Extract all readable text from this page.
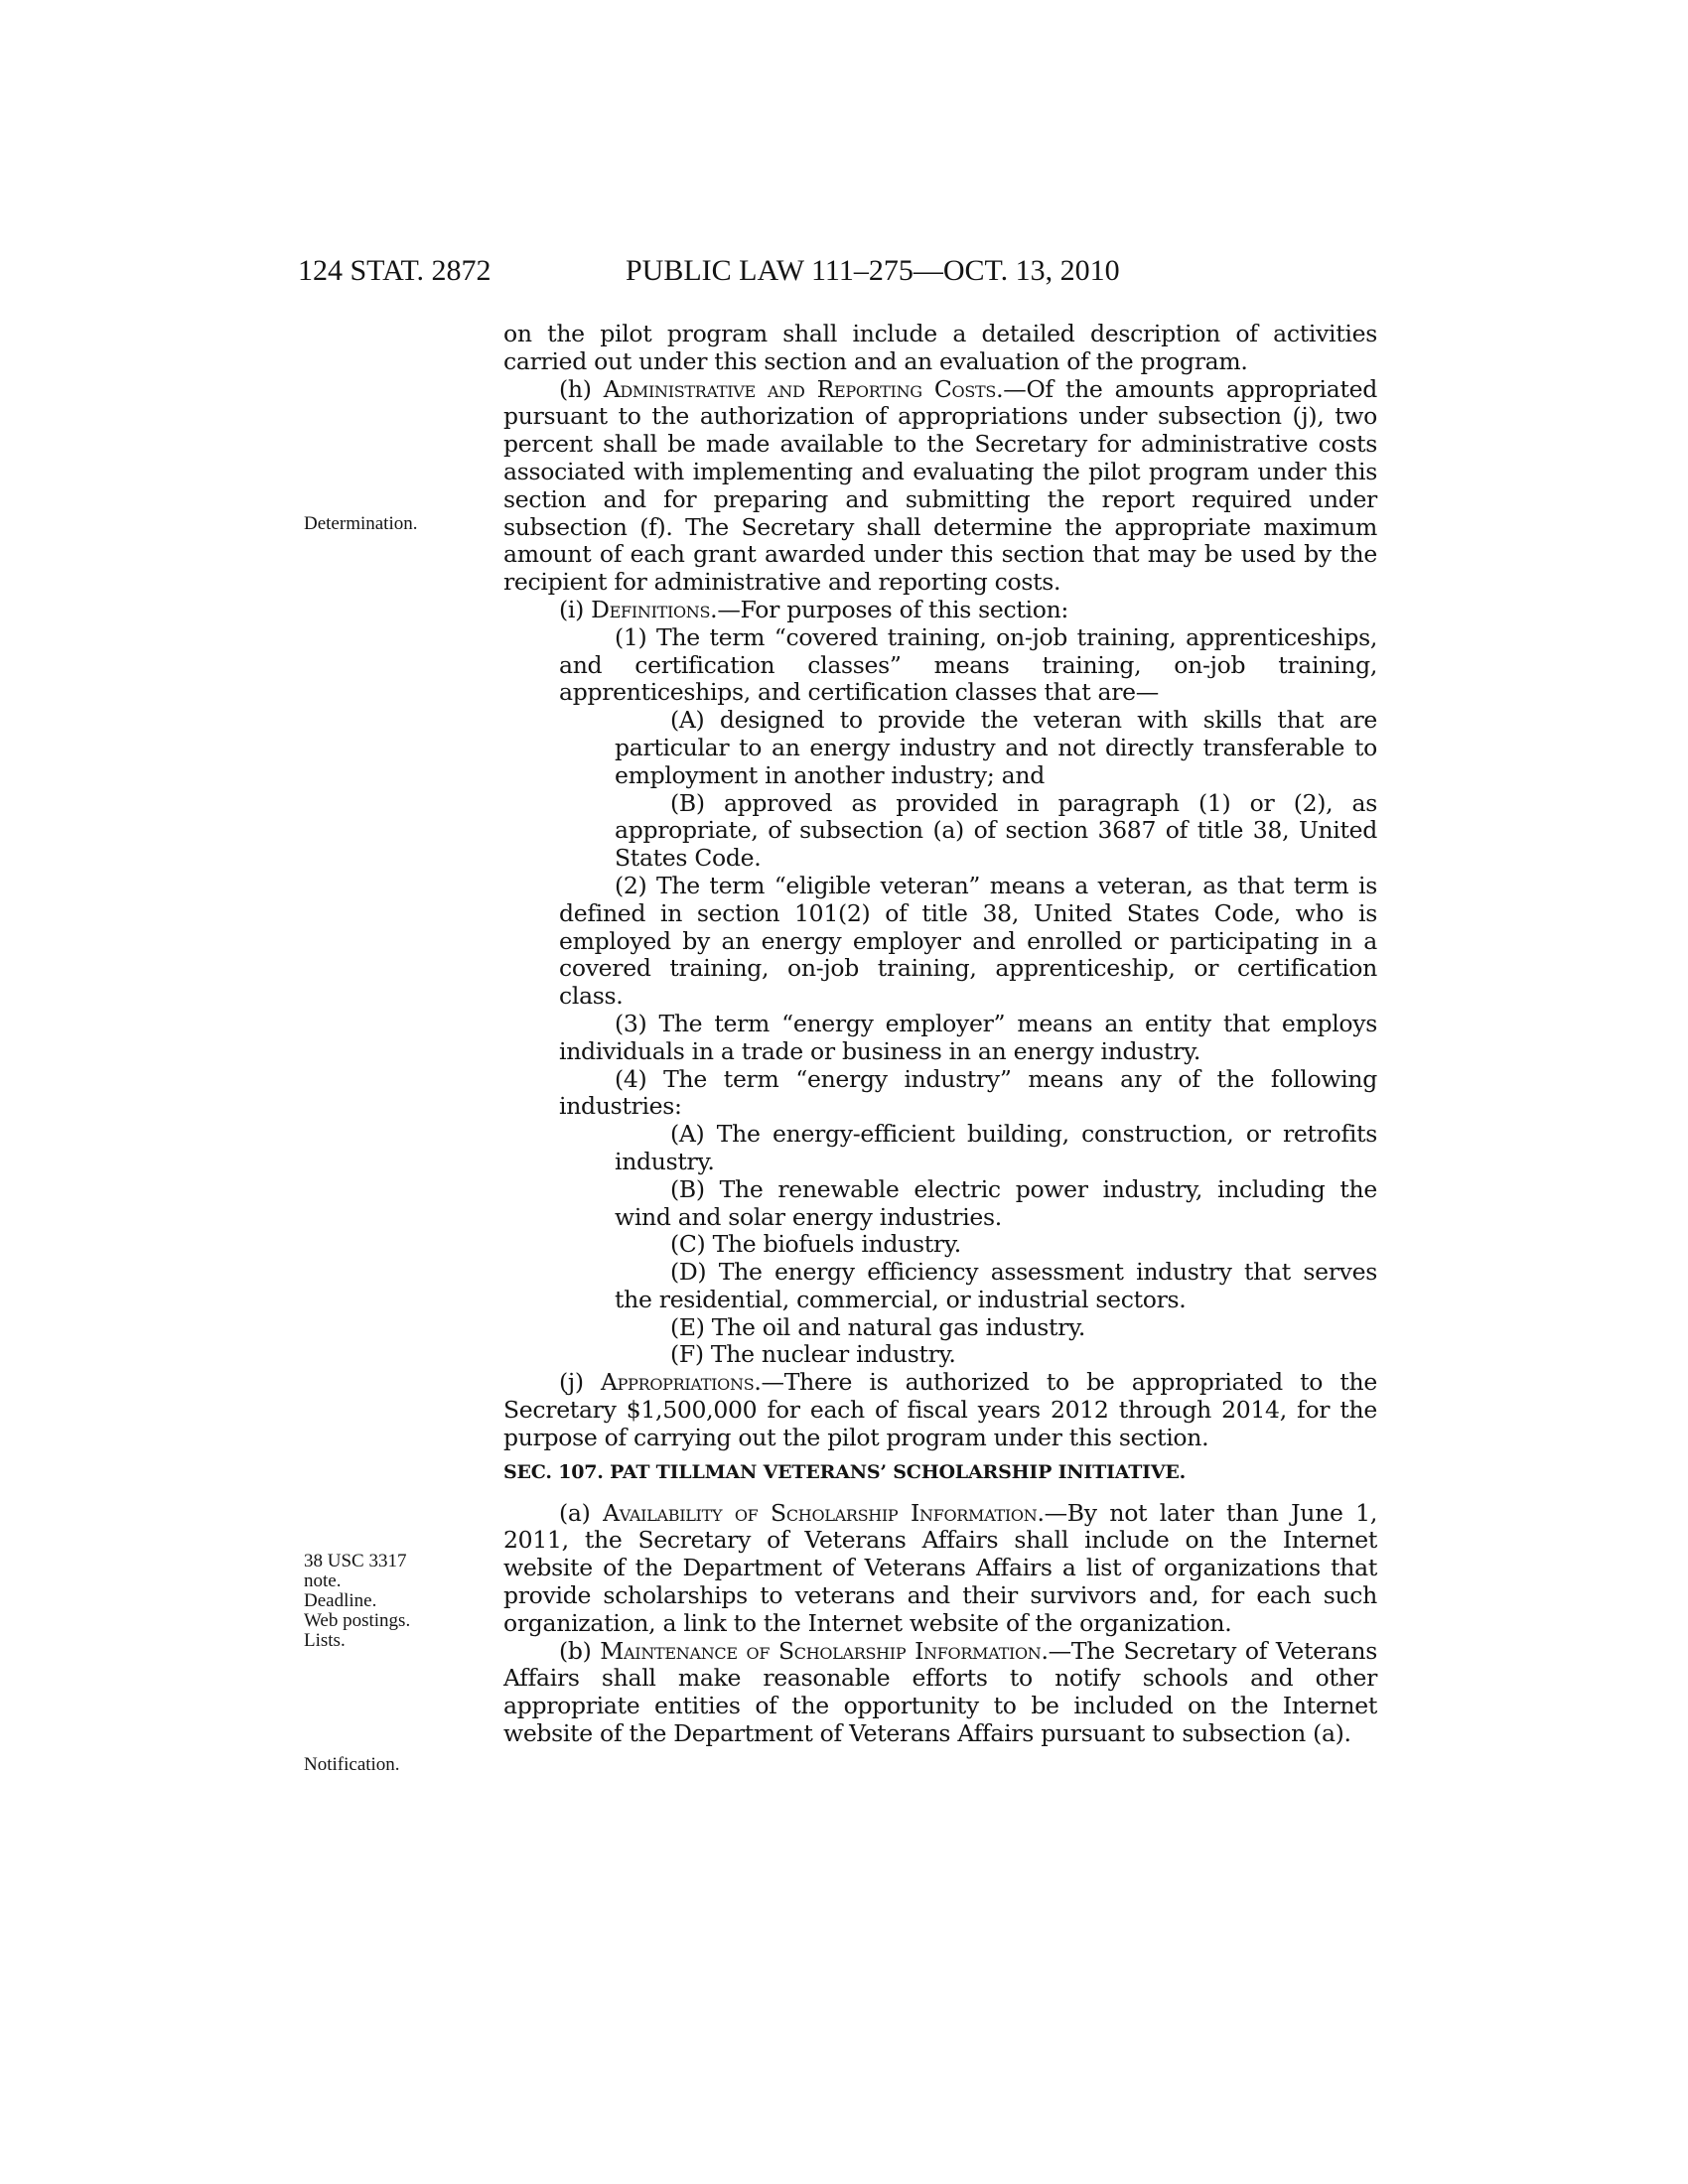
124 STAT. 2872	PUBLIC LAW 111–275—OCT. 13, 2010
Determination.
38 USC 3317
note.
Deadline.
Web postings.
Lists.
Notification.

on the pilot program shall include a detailed description of activities carried out under this section and an evaluation of the program.

(h) Administrative and Reporting Costs.—Of the amounts appropriated pursuant to the authorization of appropriations under subsection (j), two percent shall be made available to the Secretary for administrative costs associated with implementing and evaluating the pilot program under this section and for preparing and submitting the report required under subsection (f). The Secretary shall determine the appropriate maximum amount of each grant awarded under this section that may be used by the recipient for administrative and reporting costs.

(i) Definitions.—For purposes of this section:

(1) The term “covered training, on-job training, apprenticeships, and certification classes” means training, on-job training, apprenticeships, and certification classes that are—

(A) designed to provide the veteran with skills that are particular to an energy industry and not directly transferable to employment in another industry; and

(B) approved as provided in paragraph (1) or (2), as appropriate, of subsection (a) of section 3687 of title 38, United States Code.

(2) The term “eligible veteran” means a veteran, as that term is defined in section 101(2) of title 38, United States Code, who is employed by an energy employer and enrolled or participating in a covered training, on-job training, apprenticeship, or certification class.

(3) The term “energy employer” means an entity that employs individuals in a trade or business in an energy industry.

(4) The term “energy industry” means any of the following industries:

(A) The energy-efficient building, construction, or retrofits industry.

(B) The renewable electric power industry, including the wind and solar energy industries.

(C) The biofuels industry.

(D) The energy efficiency assessment industry that serves the residential, commercial, or industrial sectors.

(E) The oil and natural gas industry.

(F) The nuclear industry.

(j) Appropriations.—There is authorized to be appropriated to the Secretary $1,500,000 for each of fiscal years 2012 through 2014, for the purpose of carrying out the pilot program under this section.

SEC. 107. PAT TILLMAN VETERANS’ SCHOLARSHIP INITIATIVE.

(a) Availability of Scholarship Information.—By not later than June 1, 2011, the Secretary of Veterans Affairs shall include on the Internet website of the Department of Veterans Affairs a list of organizations that provide scholarships to veterans and their survivors and, for each such organization, a link to the Internet website of the organization.

(b) Maintenance of Scholarship Information.—The Secretary of Veterans Affairs shall make reasonable efforts to notify schools and other appropriate entities of the opportunity to be included on the Internet website of the Department of Veterans Affairs pursuant to subsection (a).
